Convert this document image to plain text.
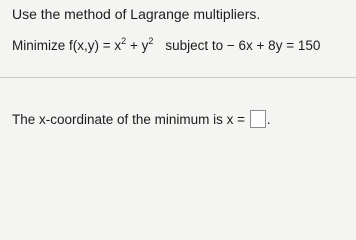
Use the method of Lagrange multipliers.
Minimize $f(x,y) = x^2 + y^2$ subject to − 6x + 8y = 150
The x-coordinate of the minimum is x = .
